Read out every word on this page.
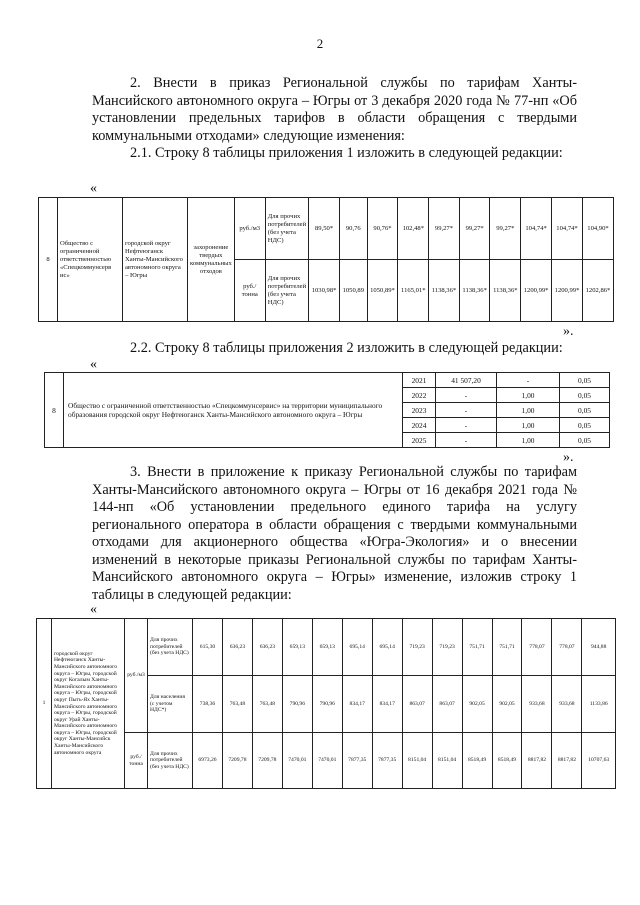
2
2. Внести в приказ Региональной службы по тарифам Ханты-Мансийского автономного округа – Югры от 3 декабря 2020 года № 77-нп «Об установлении предельных тарифов в области обращения с твердыми коммунальными отходами» следующие изменения:
2.1. Строку 8 таблицы приложения 1 изложить в следующей редакции:
«
8	Общество с ограниченной ответственностью «Спецкоммунсерв ис»	городской округ Нефтеюганск Ханты-Мансийского автономного округа – Югры	захоронение твердых коммунальных отходов	руб./м3	Для прочих потребителей (без учета НДС)	89,50*	90,76	90,76*	102,48*	99,27*	99,27*	99,27*	104,74*	104,74*	104,90*
				руб./тонна	Для прочих потребителей (без учета НДС)	1030,98*	1050,89	1050,89*	1165,01*	1138,36*	1138,36*	1138,36*	1200,99*	1200,99*	1202,86*
».
2.2. Строку 8 таблицы приложения 2 изложить в следующей редакции:
«
8	Общество с ограниченной ответственностью «Спецкоммунсервис» на территории муниципального образования городской округ Нефтеюганск Ханты-Мансийского автономного округа – Югры	2021	41 507,20	-	0,05
		2022	-	1,00	0,05
		2023	-	1,00	0,05
		2024	-	1,00	0,05
		2025	-	1,00	0,05
».
3. Внести в приложение к приказу Региональной службы по тарифам Ханты-Мансийского автономного округа – Югры от 16 декабря 2021 года № 144-нп «Об установлении предельного единого тарифа на услугу регионального оператора в области обращения с твердыми коммунальными отходами для акционерного общества «Югра-Экология» и о внесении изменений в некоторые приказы Региональной службы по тарифам Ханты-Мансийского автономного округа – Югры» изменение, изложив строку 1 таблицы в следующей редакции:
«
1	городской округ Нефтеюганск Ханты-Мансийского автономного округа – Югры, городской округ Когалым Ханты-Мансийского автономного округа – Югры, городской округ Пыть-Ях Ханты-Мансийского автономного округа – Югры, городской округ Урай Ханты-Мансийского автономного округа – Югры, городской округ Ханты-Мансийск Ханты-Мансийского автономного округа	руб./м3	Для прочих потребителей (без учета НДС)	615,30	636,23	636,23	659,13	659,13	695,14	695,14	719,23	719,23	751,71	751,71	778,07	778,07	944,88
			Для населения (с учетом НДС*)	738,36	763,48	763,48	790,96	790,96	834,17	834,17	863,07	863,07	902,05	902,05	933,68	933,68	1133,86
		руб./тонна	Для прочих потребителей (без учета НДС)	6973,26	7209,78	7209,78	7470,01	7470,01	7877,35	7877,35	8151,04	8151,04	8518,49	8518,49	8817,82	8817,82	10707,63
